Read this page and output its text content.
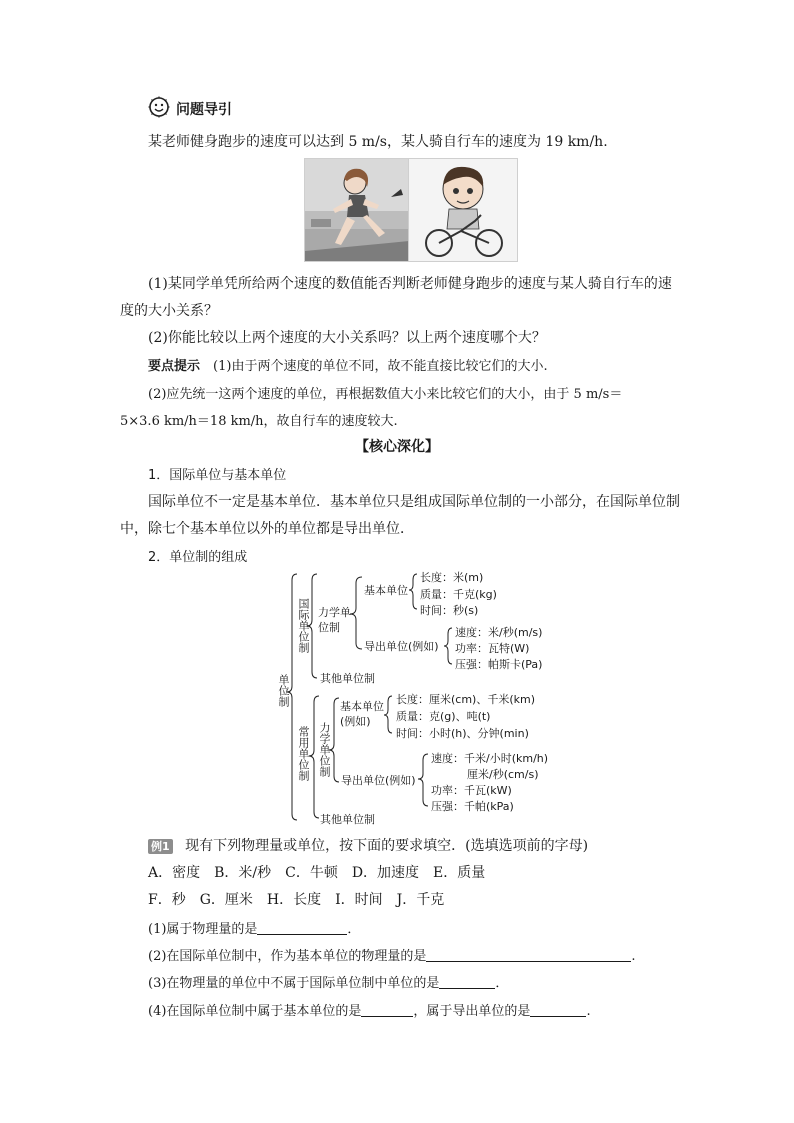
问题导引
某老师健身跑步的速度可以达到 5 m/s，某人骑自行车的速度为 19 km/h.
(1)某同学单凭所给两个速度的数值能否判断老师健身跑步的速度与某人骑自行车的速
度的大小关系？
(2)你能比较以上两个速度的大小关系吗？以上两个速度哪个大？
要点提示　 (1)由于两个速度的单位不同，故不能直接比较它们的大小.
(2)应先统一这两个速度的单位，再根据数值大小来比较它们的大小，由于 5 m/s＝
5×3.6 km/h＝18 km/h，故自行车的速度较大.
【核心深化】
1．国际单位与基本单位
国际单位不一定是基本单位．基本单位只是组成国际单位制的一小部分，在国际单位制
中，除七个基本单位以外的单位都是导出单位．
2．单位制的组成
单位制
国际单位制 力学单
位制
基本单位
长度：米(m)
质量：千克(kg)
时间：秒(s)
导出单位(例如)
速度：米/秒(m/s)
功率：瓦特(W)
压强：帕斯卡(Pa)
其他单位制
常用单位制 力学单位制
基本单位
(例如)
长度：厘米(cm)、千米(km)
质量：克(g)、吨(t)
时间：小时(h)、分钟(min)
导出单位(例如)
速度：千米/小时(km/h)
厘米/秒(cm/s)
功率：千瓦(kW)
压强：千帕(kPa)
其他单位制
例1 现有下列物理量或单位，按下面的要求填空．(选填选项前的字母)
A．密度　B．米/秒　C．牛顿　D．加速度　E．质量
F．秒　G．厘米　H．长度　I．时间　J．千克
(1)属于物理量的是	．
(2)在国际单位制中，作为基本单位的物理量的是	.
(3)在物理量的单位中不属于国际单位制中单位的是	．
(4)在国际单位制中属于基本单位的是	，属于导出单位的是	.
